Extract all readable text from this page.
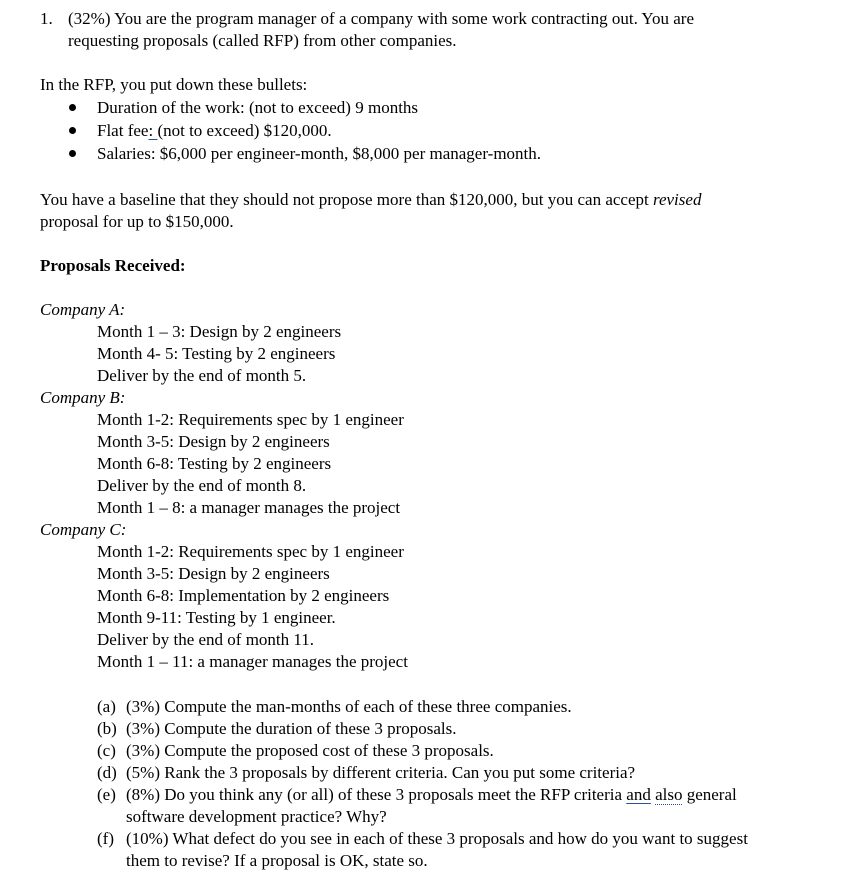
1. (32%) You are the program manager of a company with some work contracting out. You are
requesting proposals (called RFP) from other companies.
In the RFP, you put down these bullets:
Duration of the work: (not to exceed) 9 months
Flat fee: (not to exceed) $120,000.
Salaries: $6,000 per engineer-month, $8,000 per manager-month.
You have a baseline that they should not propose more than $120,000, but you can accept revised
proposal for up to $150,000.
Proposals Received:
Company A:
Month 1 – 3: Design by 2 engineers
Month 4- 5: Testing by 2 engineers
Deliver by the end of month 5.
Company B:
Month 1-2: Requirements spec by 1 engineer
Month 3-5: Design by 2 engineers
Month 6-8: Testing by 2 engineers
Deliver by the end of month 8.
Month 1 – 8: a manager manages the project
Company C:
Month 1-2: Requirements spec by 1 engineer
Month 3-5: Design by 2 engineers
Month 6-8: Implementation by 2 engineers
Month 9-11: Testing by 1 engineer.
Deliver by the end of month 11.
Month 1 – 11: a manager manages the project
(a) (3%) Compute the man-months of each of these three companies.
(b) (3%) Compute the duration of these 3 proposals.
(c) (3%) Compute the proposed cost of these 3 proposals.
(d) (5%) Rank the 3 proposals by different criteria. Can you put some criteria?
(e) (8%) Do you think any (or all) of these 3 proposals meet the RFP criteria and also general
software development practice? Why?
(f) (10%) What defect do you see in each of these 3 proposals and how do you want to suggest
them to revise? If a proposal is OK, state so.
